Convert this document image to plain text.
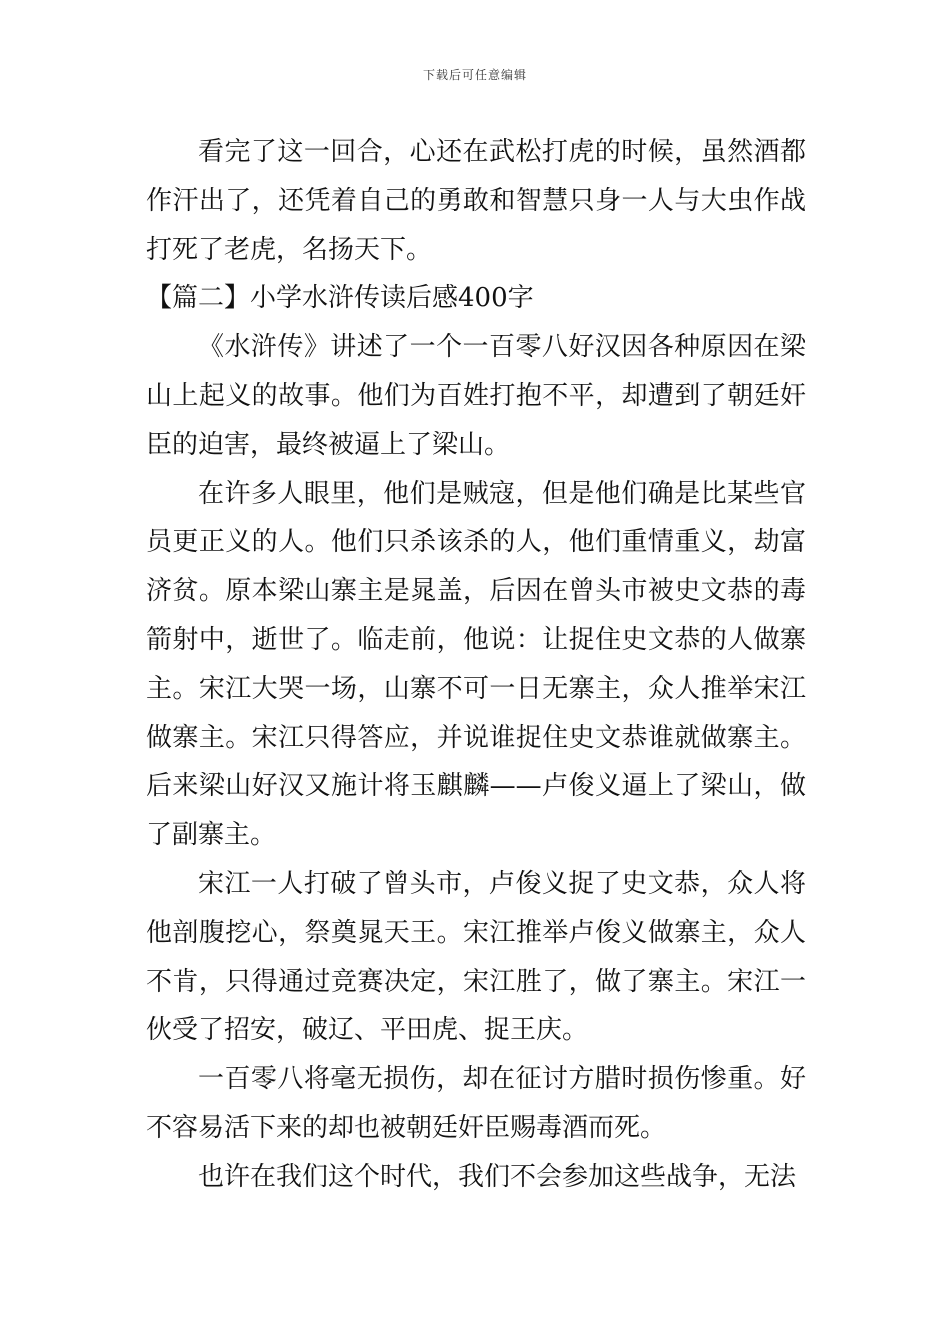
下载后可任意编辑

看完了这一回合，心还在武松打虎的时候，虽然酒都作汗出了，还凭着自己的勇敢和智慧只身一人与大虫作战打死了老虎，名扬天下。

【篇二】小学水浒传读后感400字

《水浒传》讲述了一个一百零八好汉因各种原因在梁山上起义的故事。他们为百姓打抱不平，却遭到了朝廷奸臣的迫害，最终被逼上了梁山。

在许多人眼里，他们是贼寇，但是他们确是比某些官员更正义的人。他们只杀该杀的人，他们重情重义，劫富济贫。原本梁山寨主是晁盖，后因在曾头市被史文恭的毒箭射中，逝世了。临走前，他说：让捉住史文恭的人做寨主。宋江大哭一场，山寨不可一日无寨主，众人推举宋江做寨主。宋江只得答应，并说谁捉住史文恭谁就做寨主。后来梁山好汉又施计将玉麒麟——卢俊义逼上了梁山，做了副寨主。

宋江一人打破了曾头市，卢俊义捉了史文恭，众人将他剖腹挖心，祭奠晁天王。宋江推举卢俊义做寨主，众人不肯，只得通过竞赛决定，宋江胜了，做了寨主。宋江一伙受了招安，破辽、平田虎、捉王庆。

一百零八将毫无损伤，却在征讨方腊时损伤惨重。好不容易活下来的却也被朝廷奸臣赐毒酒而死。

也许在我们这个时代，我们不会参加这些战争，无法
